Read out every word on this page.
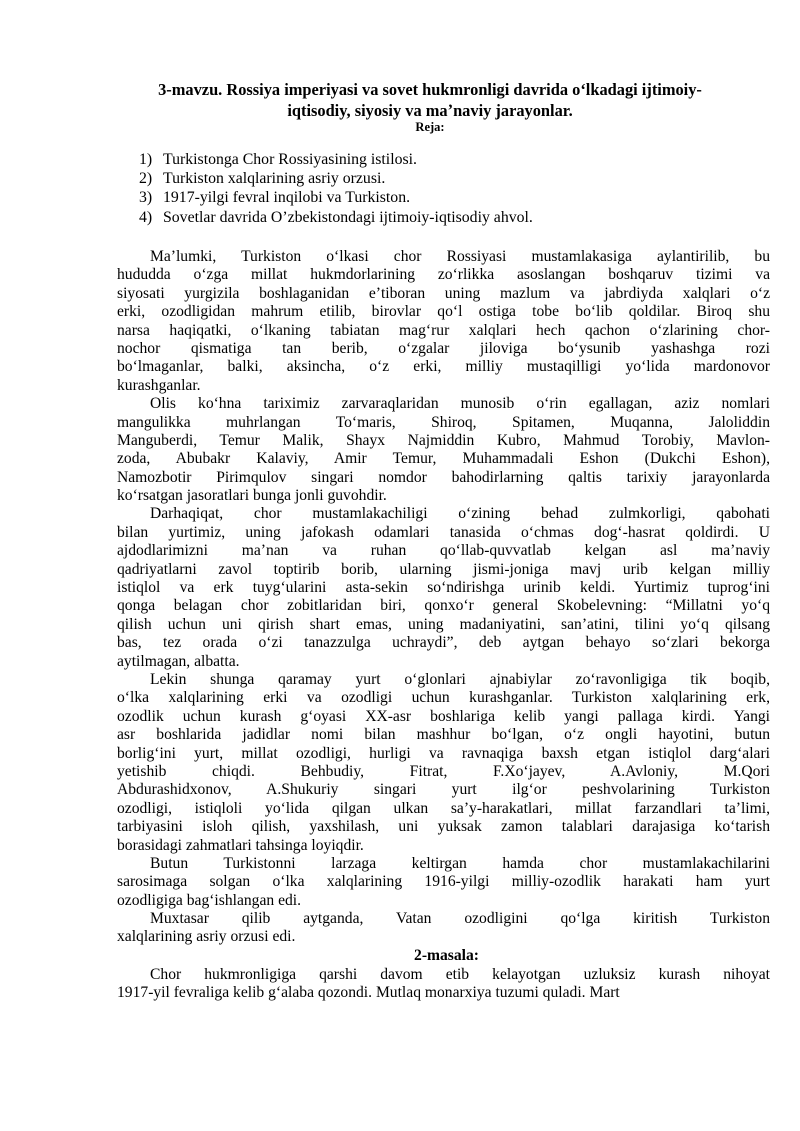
3-mavzu. Rossiya imperiyasi va sovet hukmronligi davrida oʻlkadagi ijtimoiy-
iqtisodiy, siyosiy va maʼnaviy jarayonlar.
Reja:
1) Turkistonga Chor Rossiyasining istilosi.
2) Turkiston xalqlarining asriy orzusi.
3) 1917-yilgi fevral inqilobi va Turkiston.
4) Sovetlar davrida Oʼzbekistondagi ijtimoiy-iqtisodiy ahvol.
Maʼlumki, Turkiston oʻlkasi chor Rossiyasi mustamlakasiga aylantirilib, bu
hududda oʻzga millat hukmdorlarining zoʻrlikka asoslangan boshqaruv tizimi va
siyosati yurgizila boshlaganidan eʼtiboran uning mazlum va jabrdiyda xalqlari oʻz
erki, ozodligidan mahrum etilib, birovlar qoʻl ostiga tobe boʻlib qoldilar. Biroq shu
narsa haqiqatki, oʻlkaning tabiatan magʻrur xalqlari hech qachon oʻzlarining chor-
nochor qismatiga tan berib, oʻzgalar jiloviga boʻysunib yashashga rozi
boʻlmaganlar, balki, aksincha, oʻz erki, milliy mustaqilligi yoʻlida mardonovor
kurashganlar.
Olis koʻhna tariximiz zarvaraqlaridan munosib oʻrin egallagan, aziz nomlari
mangulikka muhrlangan Toʻmaris, Shiroq, Spitamen, Muqanna, Jaloliddin
Manguberdi, Temur Malik, Shayx Najmiddin Kubro, Mahmud Torobiy, Mavlon-
zoda, Abubakr Kalaviy, Amir Temur, Muhammadali Eshon (Dukchi Eshon),
Namozbotir Pirimqulov singari nomdor bahodirlarning qaltis tarixiy jarayonlarda
koʻrsatgan jasoratlari bunga jonli guvohdir.
Darhaqiqat, chor mustamlakachiligi oʻzining behad zulmkorligi, qabohati
bilan yurtimiz, uning jafokash odamlari tanasida oʻchmas dogʻ-hasrat qoldirdi. U
ajdodlarimizni maʼnan va ruhan qoʻllab-quvvatlab kelgan asl maʼnaviy
qadriyatlarni zavol toptirib borib, ularning jismi-joniga mavj urib kelgan milliy
istiqlol va erk tuygʻularini asta-sekin soʻndirishga urinib keldi. Yurtimiz tuprogʻini
qonga belagan chor zobitlaridan biri, qonxoʻr general Skobelevning: “Millatni yoʻq
qilish uchun uni qirish shart emas, uning madaniyatini, sanʼatini, tilini yoʻq qilsang
bas, tez orada oʻzi tanazzulga uchraydi”, deb aytgan behayo soʻzlari bekorga
aytilmagan, albatta.
Lekin shunga qaramay yurt oʻglonlari ajnabiylar zoʻravonligiga tik boqib,
oʻlka xalqlarining erki va ozodligi uchun kurashganlar. Turkiston xalqlarining erk,
ozodlik uchun kurash gʻoyasi XX-asr boshlariga kelib yangi pallaga kirdi. Yangi
asr boshlarida jadidlar nomi bilan mashhur boʻlgan, oʻz ongli hayotini, butun
borligʻini yurt, millat ozodligi, hurligi va ravnaqiga baxsh etgan istiqlol dargʻalari
yetishib chiqdi. Behbudiy, Fitrat, F.Xoʻjayev, A.Avloniy, M.Qori
Abdurashidxonov, A.Shukuriy singari yurt ilgʻor peshvolarining Turkiston
ozodligi, istiqloli yoʻlida qilgan ulkan saʼy-harakatlari, millat farzandlari taʼlimi,
tarbiyasini isloh qilish, yaxshilash, uni yuksak zamon talablari darajasiga koʻtarish
borasidagi zahmatlari tahsinga loyiqdir.
Butun Turkistonni larzaga keltirgan hamda chor mustamlakachilarini
sarosimaga solgan oʻlka xalqlarining 1916-yilgi milliy-ozodlik harakati ham yurt
ozodligiga bagʻishlangan edi.
Muxtasar qilib aytganda, Vatan ozodligini qoʻlga kiritish Turkiston
xalqlarining asriy orzusi edi.
2-masala:
Chor hukmronligiga qarshi davom etib kelayotgan uzluksiz kurash nihoyat
1917-yil fevraliga kelib gʻalaba qozondi. Mutlaq monarxiya tuzumi quladi. Mart
